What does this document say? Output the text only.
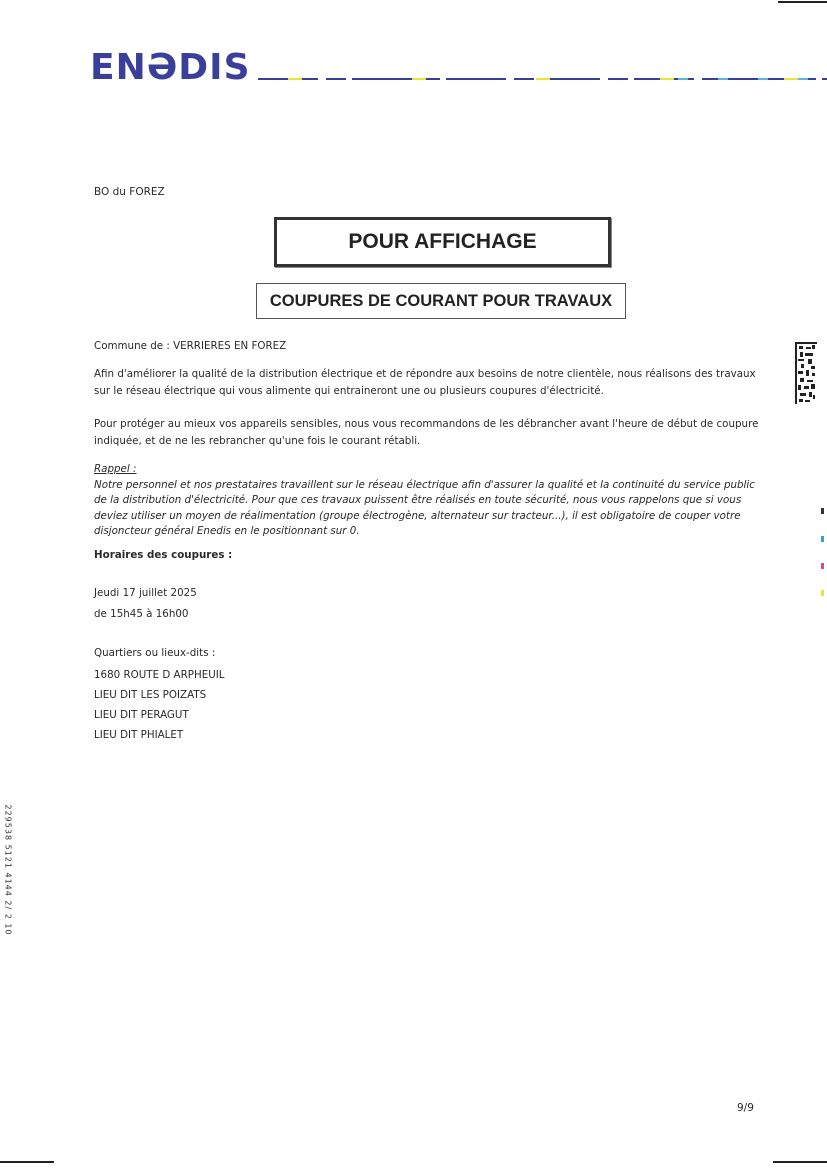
ENƏDIS
BO du FOREZ
POUR AFFICHAGE
COUPURES DE COURANT POUR TRAVAUX
Commune de : VERRIERES EN FOREZ
Afin d'améliorer la qualité de la distribution électrique et de répondre aux besoins de notre clientèle, nous réalisons des travaux sur le réseau électrique qui vous alimente qui entraineront une ou plusieurs coupures d'électricité.
Pour protéger au mieux vos appareils sensibles, nous vous recommandons de les débrancher avant l'heure de début de coupure indiquée, et de ne les rebrancher qu'une fois le courant rétabli.
Rappel :
Notre personnel et nos prestataires travaillent sur le réseau électrique afin d'assurer la qualité et la continuité du service public de la distribution d'électricité. Pour que ces travaux puissent être réalisés en toute sécurité, nous vous rappelons que si vous deviez utiliser un moyen de réalimentation (groupe électrogène, alternateur sur tracteur...), il est obligatoire de couper votre disjoncteur général Enedis en le positionnant sur 0.
Horaires des coupures :
Jeudi 17 juillet 2025
de 15h45 à 16h00
Quartiers ou lieux-dits :
1680 ROUTE D ARPHEUIL
LIEU DIT LES POIZATS
LIEU DIT PERAGUT
LIEU DIT PHIALET
229538 5121 4144 2/ 2 10
9/9
